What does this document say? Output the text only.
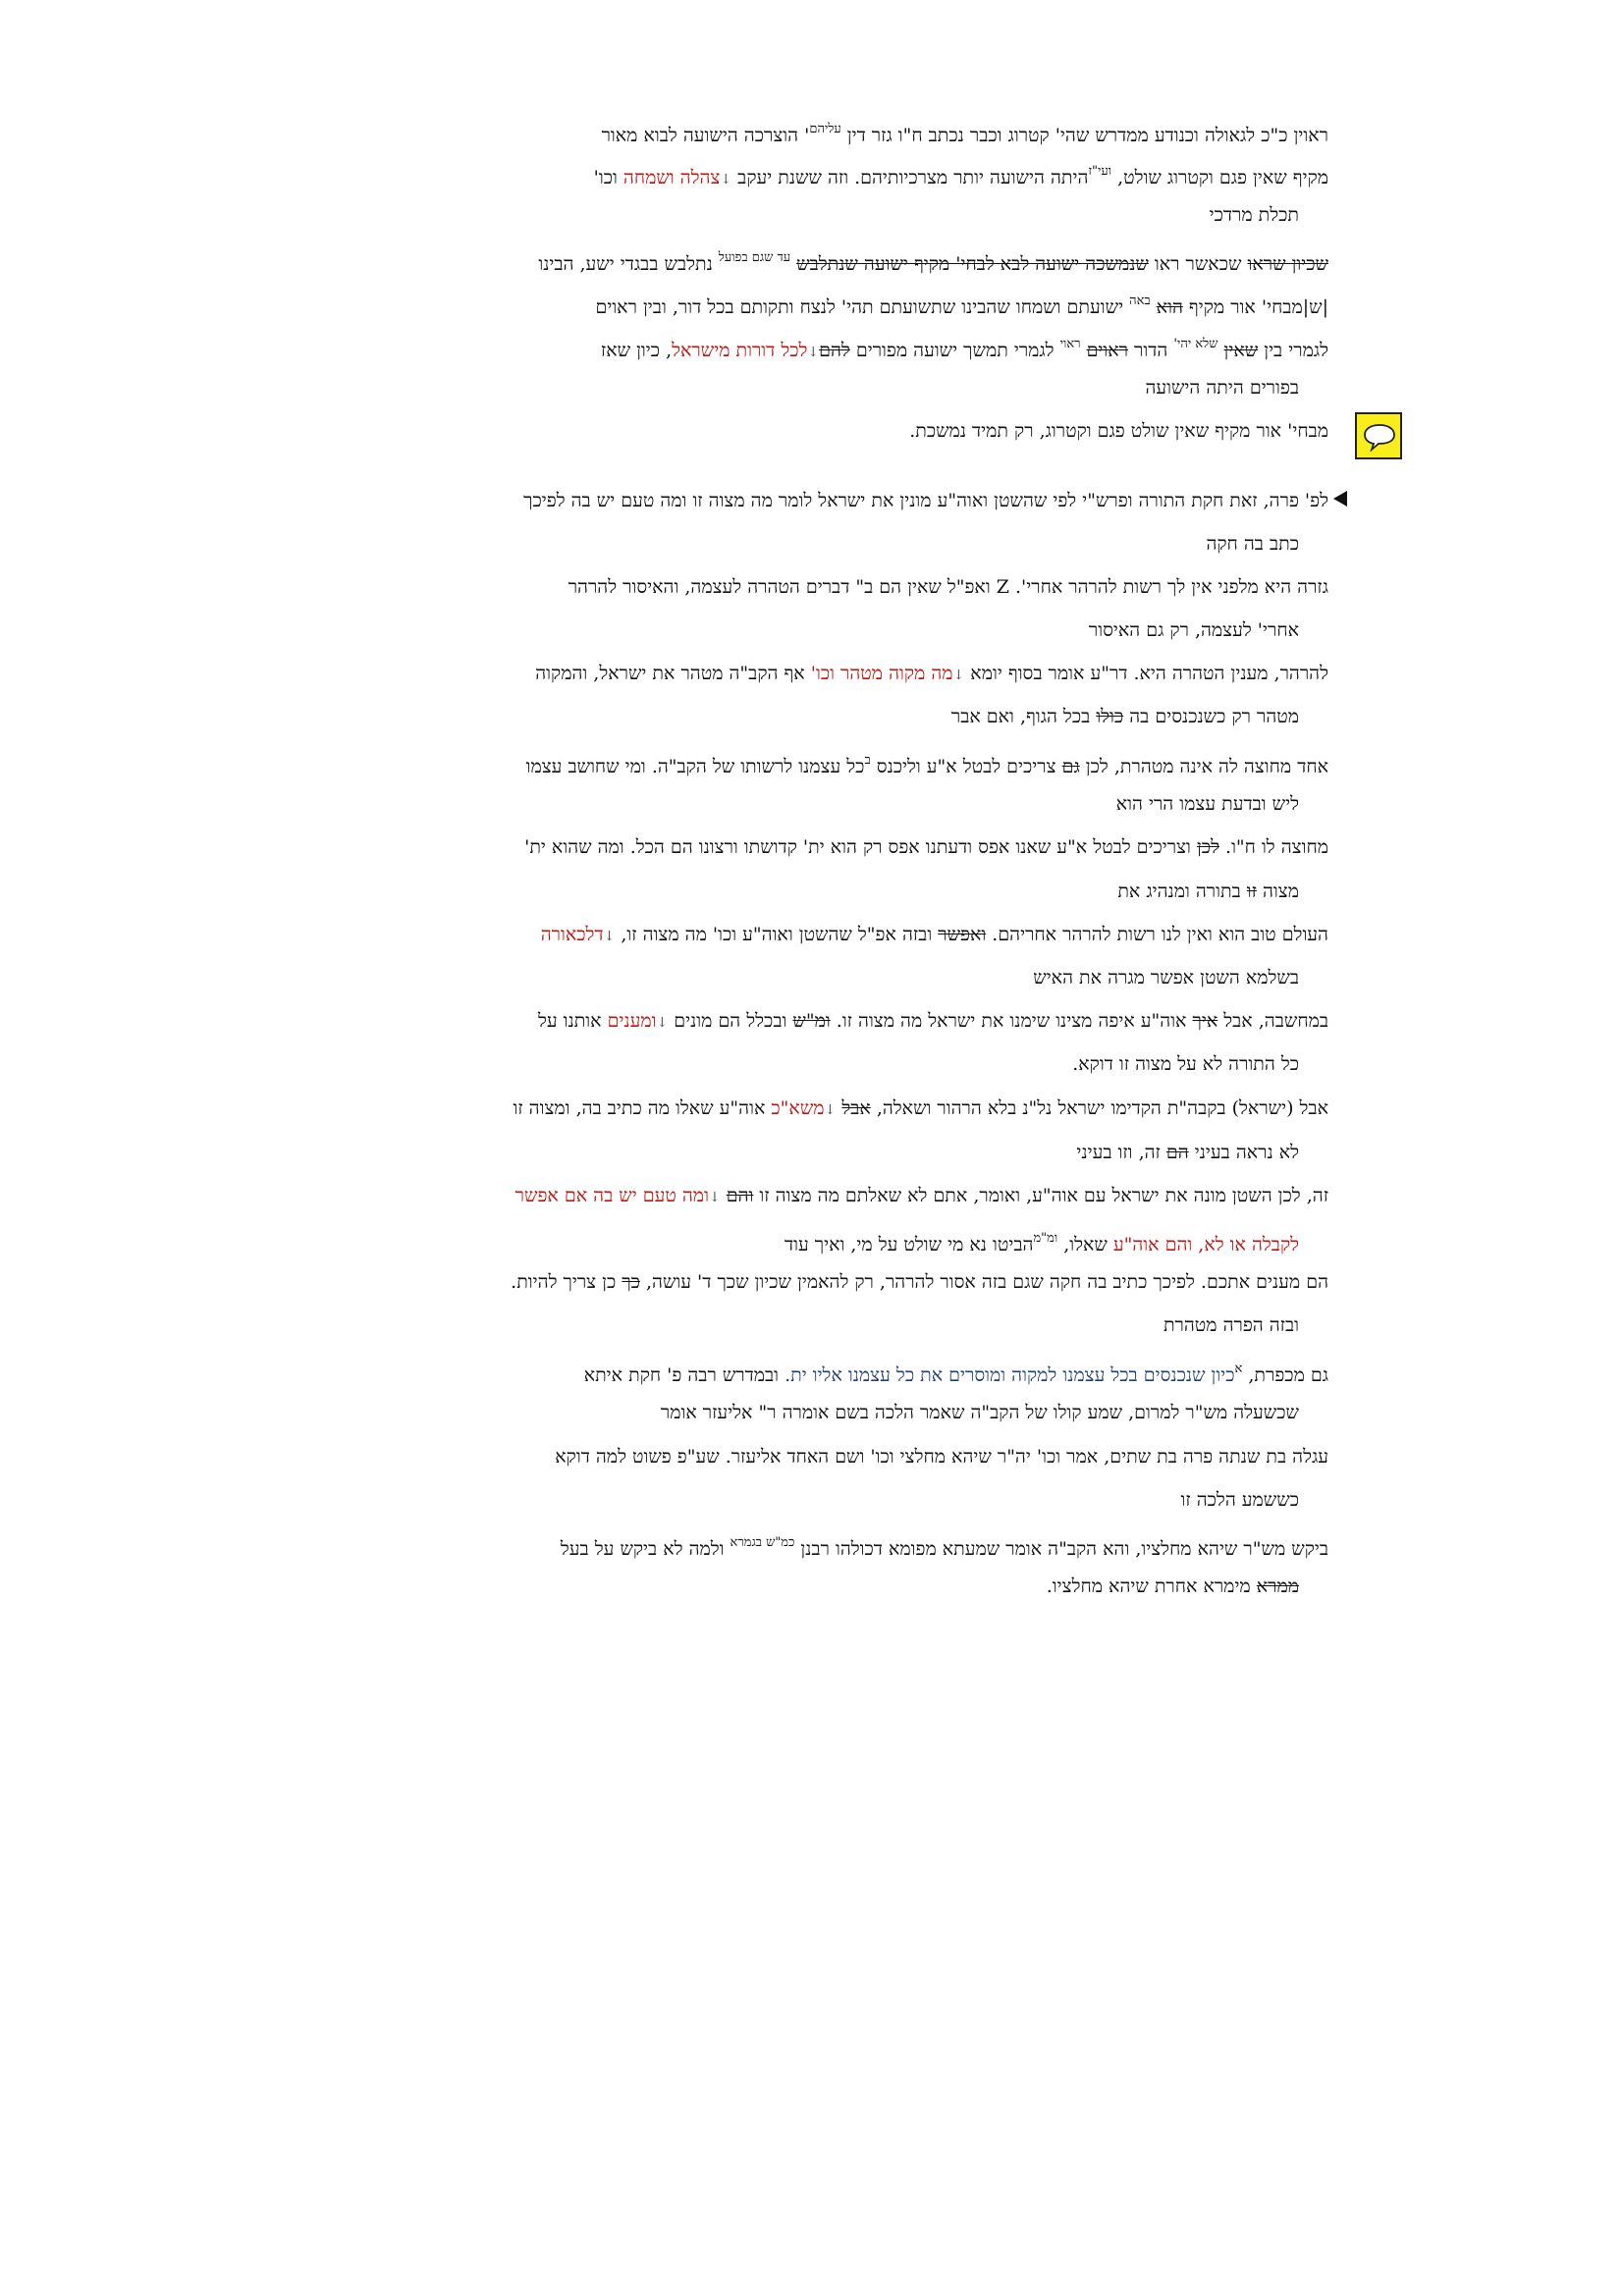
ראוין כ"כ לגאולה וכנודע ממדרש שהי' קטרוג וכבר נכתב ח"ו גזר דין $^{עליהם}$' הוצרכה הישועה לבוא מאור
מקיף שאין פגם וקטרוג שולט, $^{ועי"ז}$היתה הישועה יותר מצרכיותיהם. וזה ששנת יעקב ↓צהלה ושמחה וכו'
תכלת מרדכי
שכיון שראו שכאשר ראו שנמשכה ישועה לבא לבחי' מקיף ישועה שנתלבש $^{עד שגם בפועל}$ נתלבש בבגדי ישע, הבינו
|ש|מבחי' אור מקיף הוא $^{באה}$ ישועתם ושמחו שהבינו שתשועתם תהי' לנצח ותקותם בכל דור, ובין ראוים
לגמרי בין שאין $^{שלא יהי'}$ הדור ראוים $^{ראוי}$ לגמרי תמשך ישועה מפורים להם↓לכל דורות מישראל, כיון שאז
בפורים היתה הישועה
מבחי' אור מקיף שאין שולט פגם וקטרוג, רק תמיד נמשכת.
לפ' פרה, זאת חקת התורה ופרש"י לפי שהשטן ואוה"ע מונין את ישראל לומר מה מצוה זו ומה טעם יש בה לפיכך
כתב בה חקה
גזרה היא מלפני אין לך רשות להרהר אחרי'. Z ואפ"ל שאין הם ב" דברים הטהרה לעצמה, והאיסור להרהר
אחרי' לעצמה, רק גם האיסור
להרהר, מענין הטהרה היא. דר"ע אומר בסוף יומא ↓מה מקוה מטהר וכו' אף הקב"ה מטהר את ישראל, והמקוה
מטהר רק כשנכנסים בה כולו בכל הגוף, ואם אבר
אחד מחוצה לה אינה מטהרת, לכן גם צריכים לבטל א"ע וליכנס $^ב$כל עצמנו לרשותו של הקב"ה. ומי שחושב עצמו
ליש ובדעת עצמו הרי הוא
מחוצה לו ח"ו. לכן וצריכים לבטל א"ע שאנו אפס ודעתנו אפס רק הוא ית' קדושתו ורצונו הם הכל. ומה שהוא ית'
מצוה זו בתורה ומנהיג את
העולם טוב הוא ואין לנו רשות להרהר אחריהם. ואפשר ובזה אפ"ל שהשטן ואוה"ע וכו' מה מצוה זו, ↓דלכאורה
בשלמא השטן אפשר מגרה את האיש
במחשבה, אבל איך אוה"ע איפה מצינו שימנו את ישראל מה מצוה זו. ומ"ש ובכלל הם מונים ↓ומענים אותנו על
כל התורה לא על מצוה זו דוקא.
אבל (ישראל) בקבה"ת הקדימו ישראל נל"נ בלא הרהור ושאלה, אבל ↓משא"כ אוה"ע שאלו מה כתיב בה, ומצוה זו
לא נראה בעיני הם זה, וזו בעיני
זה, לכן השטן מונה את ישראל עם אוה"ע, ואומר, אתם לא שאלתם מה מצוה זו והם ↓ומה טעם יש בה אם אפשר
לקבלה או לא, והם אוה"ע שאלו, $^{ומ"מ}$הביטו נא מי שולט על מי, ואיך עוד
הם מענים אתכם. לפיכך כתיב בה חקה שגם בזה אסור להרהר, רק להאמין שכיון שכך ד' עושה, כך כן צריך להיות.
ובזה הפרה מטהרת
גם מכפרת, $^א$כיון שנכנסים בכל עצמנו למקוה ומוסרים את כל עצמנו אליו ית. ובמדרש רבה פ' חקת איתא
שכשעלה מש"ר למרום, שמע קולו של הקב"ה שאמר הלכה בשם אומרה ר" אליעזר אומר
עגלה בת שנתה פרה בת שתים, אמר וכו' יה"ר שיהא מחלצי וכו' ושם האחד אליעזר. שע"פ פשוט למה דוקא
כששמע הלכה זו
ביקש מש"ר שיהא מחלציו, והא הקב"ה אומר שמעתא מפומא דכולהו רבנן $^{כמ"ש בגמרא}$ ולמה לא ביקש על בעל
ממרא מימרא אחרת שיהא מחלציו.
